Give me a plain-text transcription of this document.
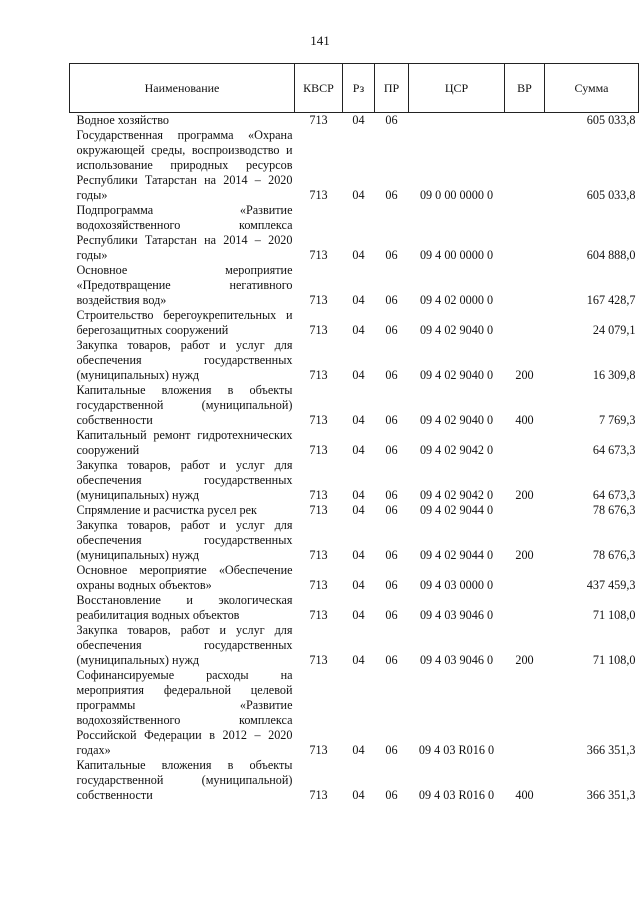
141
Наименование	КВСР	Рз	ПР	ЦСР	ВР	Сумма
Водное хозяйство	713	04	06			605 033,8
Государственная программа «Охрана окружающей среды, воспроизводство и использование природных ресурсов Республики Татарстан на 2014 – 2020 годы»	713	04	06	09 0 00 0000 0		605 033,8
Подпрограмма «Развитие водохозяйственного комплекса Республики Татарстан на 2014 – 2020 годы»	713	04	06	09 4 00 0000 0		604 888,0
Основное мероприятие «Предотвращение негативного воздействия вод»	713	04	06	09 4 02 0000 0		167 428,7
Строительство берегоукрепительных и берегозащитных сооружений	713	04	06	09 4 02 9040 0		24 079,1
Закупка товаров, работ и услуг для обеспечения государственных (муниципальных) нужд	713	04	06	09 4 02 9040 0	200	16 309,8
Капитальные вложения в объекты государственной (муниципальной) собственности	713	04	06	09 4 02 9040 0	400	7 769,3
Капитальный ремонт гидротехнических сооружений	713	04	06	09 4 02 9042 0		64 673,3
Закупка товаров, работ и услуг для обеспечения государственных (муниципальных) нужд	713	04	06	09 4 02 9042 0	200	64 673,3
Спрямление и расчистка русел рек	713	04	06	09 4 02 9044 0		78 676,3
Закупка товаров, работ и услуг для обеспечения государственных (муниципальных) нужд	713	04	06	09 4 02 9044 0	200	78 676,3
Основное мероприятие «Обеспечение охраны водных объектов»	713	04	06	09 4 03 0000 0		437 459,3
Восстановление и экологическая реабилитация водных объектов	713	04	06	09 4 03 9046 0		71 108,0
Закупка товаров, работ и услуг для обеспечения государственных (муниципальных) нужд	713	04	06	09 4 03 9046 0	200	71 108,0
Софинансируемые расходы на мероприятия федеральной целевой программы «Развитие водохозяйственного комплекса Российской Федерации в 2012 – 2020 годах»	713	04	06	09 4 03 R016 0		366 351,3
Капитальные вложения в объекты государственной (муниципальной) собственности	713	04	06	09 4 03 R016 0	400	366 351,3
